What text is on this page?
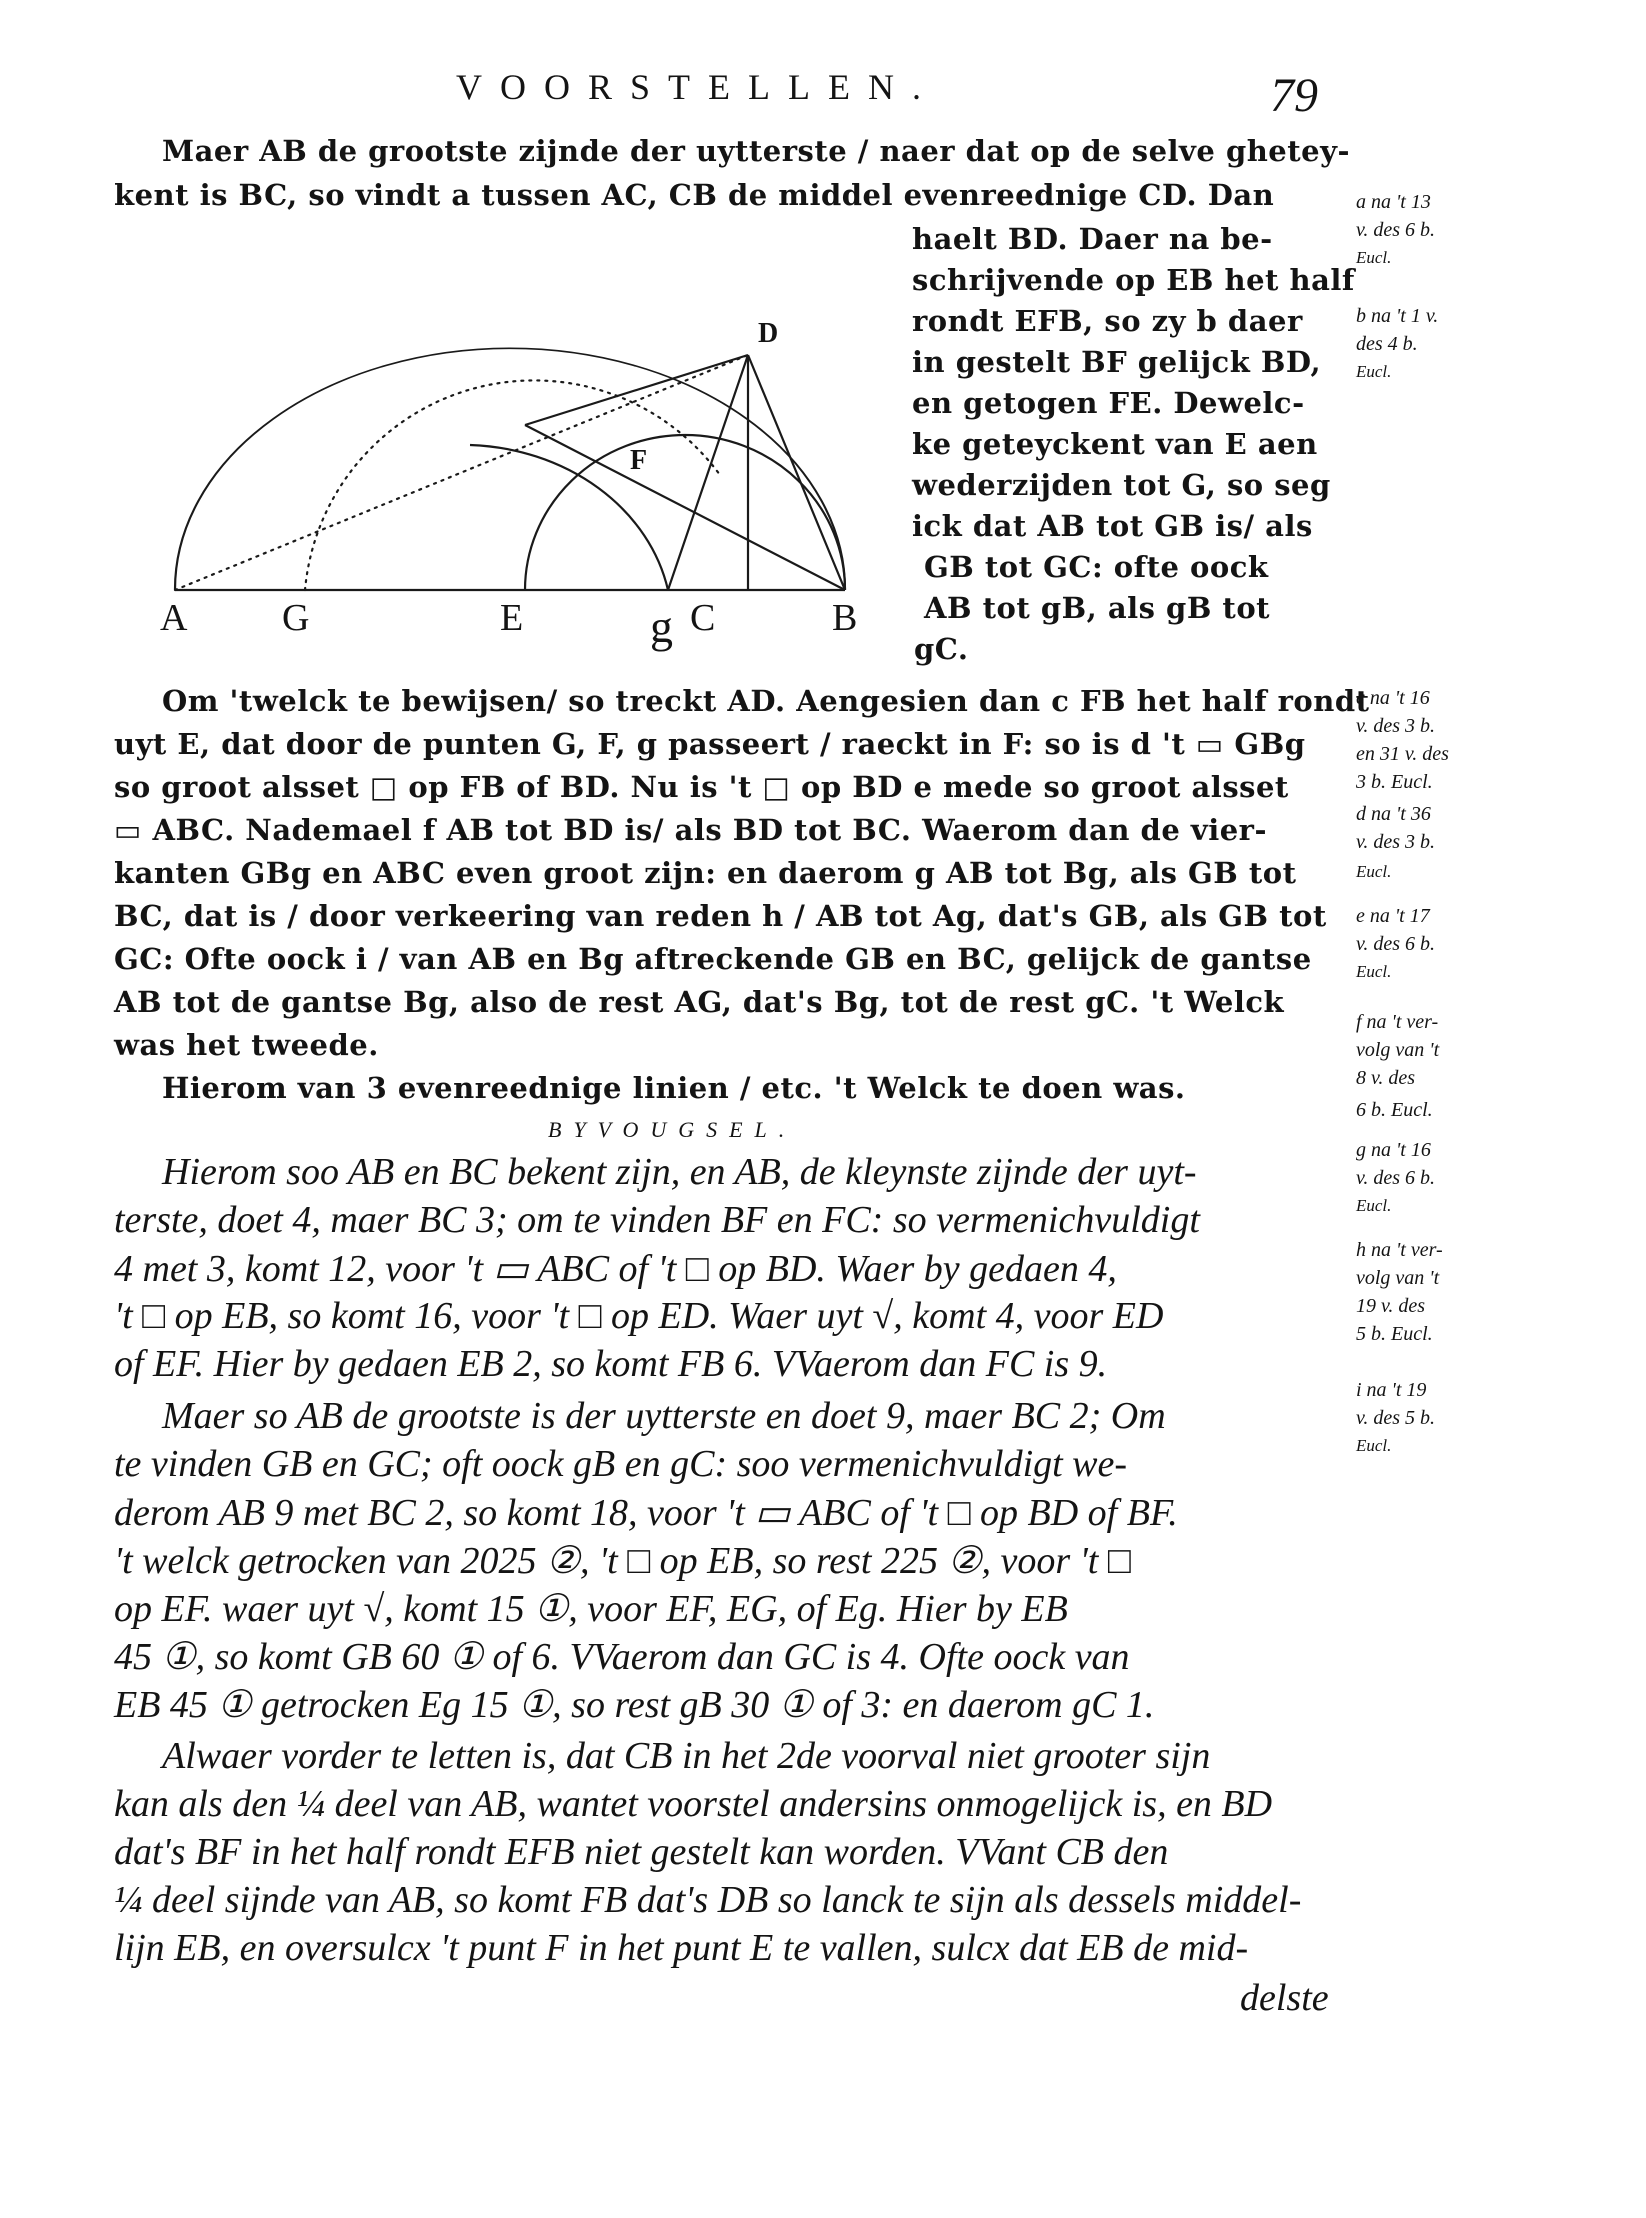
VOORSTELLEN.	79
A G	E	g C	B
D
F
Maer AB de grootste zijnde der uytterste / naer dat op de selve ghetey-
kent is BC, so vindt a tussen AC, CB de middel evenreednige CD. Dan
haelt BD. Daer na be-
schrijvende op EB het half
rondt EFB, so zy b daer
in gestelt BF gelijck BD,
en getogen FE. Dewelc-
ke geteyckent van E aen
wederzijden tot G, so seg
ick dat AB tot GB is/ als
GB tot GC: ofte oock
AB tot gB, als gB tot
gC.
Om 'twelck te bewijsen/ so treckt AD. Aengesien dan c FB het half rondt
uyt E, dat door de punten G, F, g passeert / raeckt in F: so is d 't ▭ GBg
so groot alsset □ op FB of BD. Nu is 't □ op BD e mede so groot alsset
▭ ABC. Nademael f AB tot BD is/ als BD tot BC. Waerom dan de vier-
kanten GBg en ABC even groot zijn: en daerom g AB tot Bg, als GB tot
BC, dat is / door verkeering van reden h / AB tot Ag, dat's GB, als GB tot
GC: Ofte oock i / van AB en Bg aftreckende GB en BC, gelijck de gantse
AB tot de gantse Bg, also de rest AG, dat's Bg, tot de rest gC. 't Welck
was het tweede.
Hierom van 3 evenreednige linien / etc. 't Welck te doen was.
BYVOUGSEL.
Hierom soo AB en BC bekent zijn, en AB, de kleynste zijnde der uyt-
terste, doet 4, maer BC 3; om te vinden BF en FC: so vermenichvuldigt
4 met 3, komt 12, voor 't ▭ ABC of 't □ op BD. Waer by gedaen 4,
't □ op EB, so komt 16, voor 't □ op ED. Waer uyt √, komt 4, voor ED
of EF. Hier by gedaen EB 2, so komt FB 6. VVaerom dan FC is 9.
Maer so AB de grootste is der uytterste en doet 9, maer BC 2; Om
te vinden GB en GC; oft oock gB en gC: soo vermenichvuldigt we-
derom AB 9 met BC 2, so komt 18, voor 't ▭ ABC of 't □ op BD of BF.
't welck getrocken van 2025 ②, 't □ op EB, so rest 225 ②, voor 't □
op EF. waer uyt √, komt 15 ①, voor EF, EG, of Eg. Hier by EB
45 ①, so komt GB 60 ① of 6. VVaerom dan GC is 4. Ofte oock van
EB 45 ① getrocken Eg 15 ①, so rest gB 30 ① of 3: en daerom gC 1.
Alwaer vorder te letten is, dat CB in het 2de voorval niet grooter sijn
kan als den ¼ deel van AB, wantet voorstel andersins onmogelijck is, en BD
dat's BF in het half rondt EFB niet gestelt kan worden. VVant CB den
¼ deel sijnde van AB, so komt FB dat's DB so lanck te sijn als dessels middel-
lijn EB, en oversulcx 't punt F in het punt E te vallen, sulcx dat EB de mid-
delste
a na 't 13
v. des 6 b.
Eucl.
b na 't 1 v.
des 4 b.
Eucl.
c na 't 16
v. des 3 b.
en 31 v. des
3 b. Eucl.
d na 't 36
v. des 3 b.
Eucl.
e na 't 17
v. des 6 b.
Eucl.
f na 't ver-
volg van 't
8 v. des
6 b. Eucl.
g na 't 16
v. des 6 b.
Eucl.
h na 't ver-
volg van 't
19 v. des
5 b. Eucl.
i na 't 19
v. des 5 b.
Eucl.
